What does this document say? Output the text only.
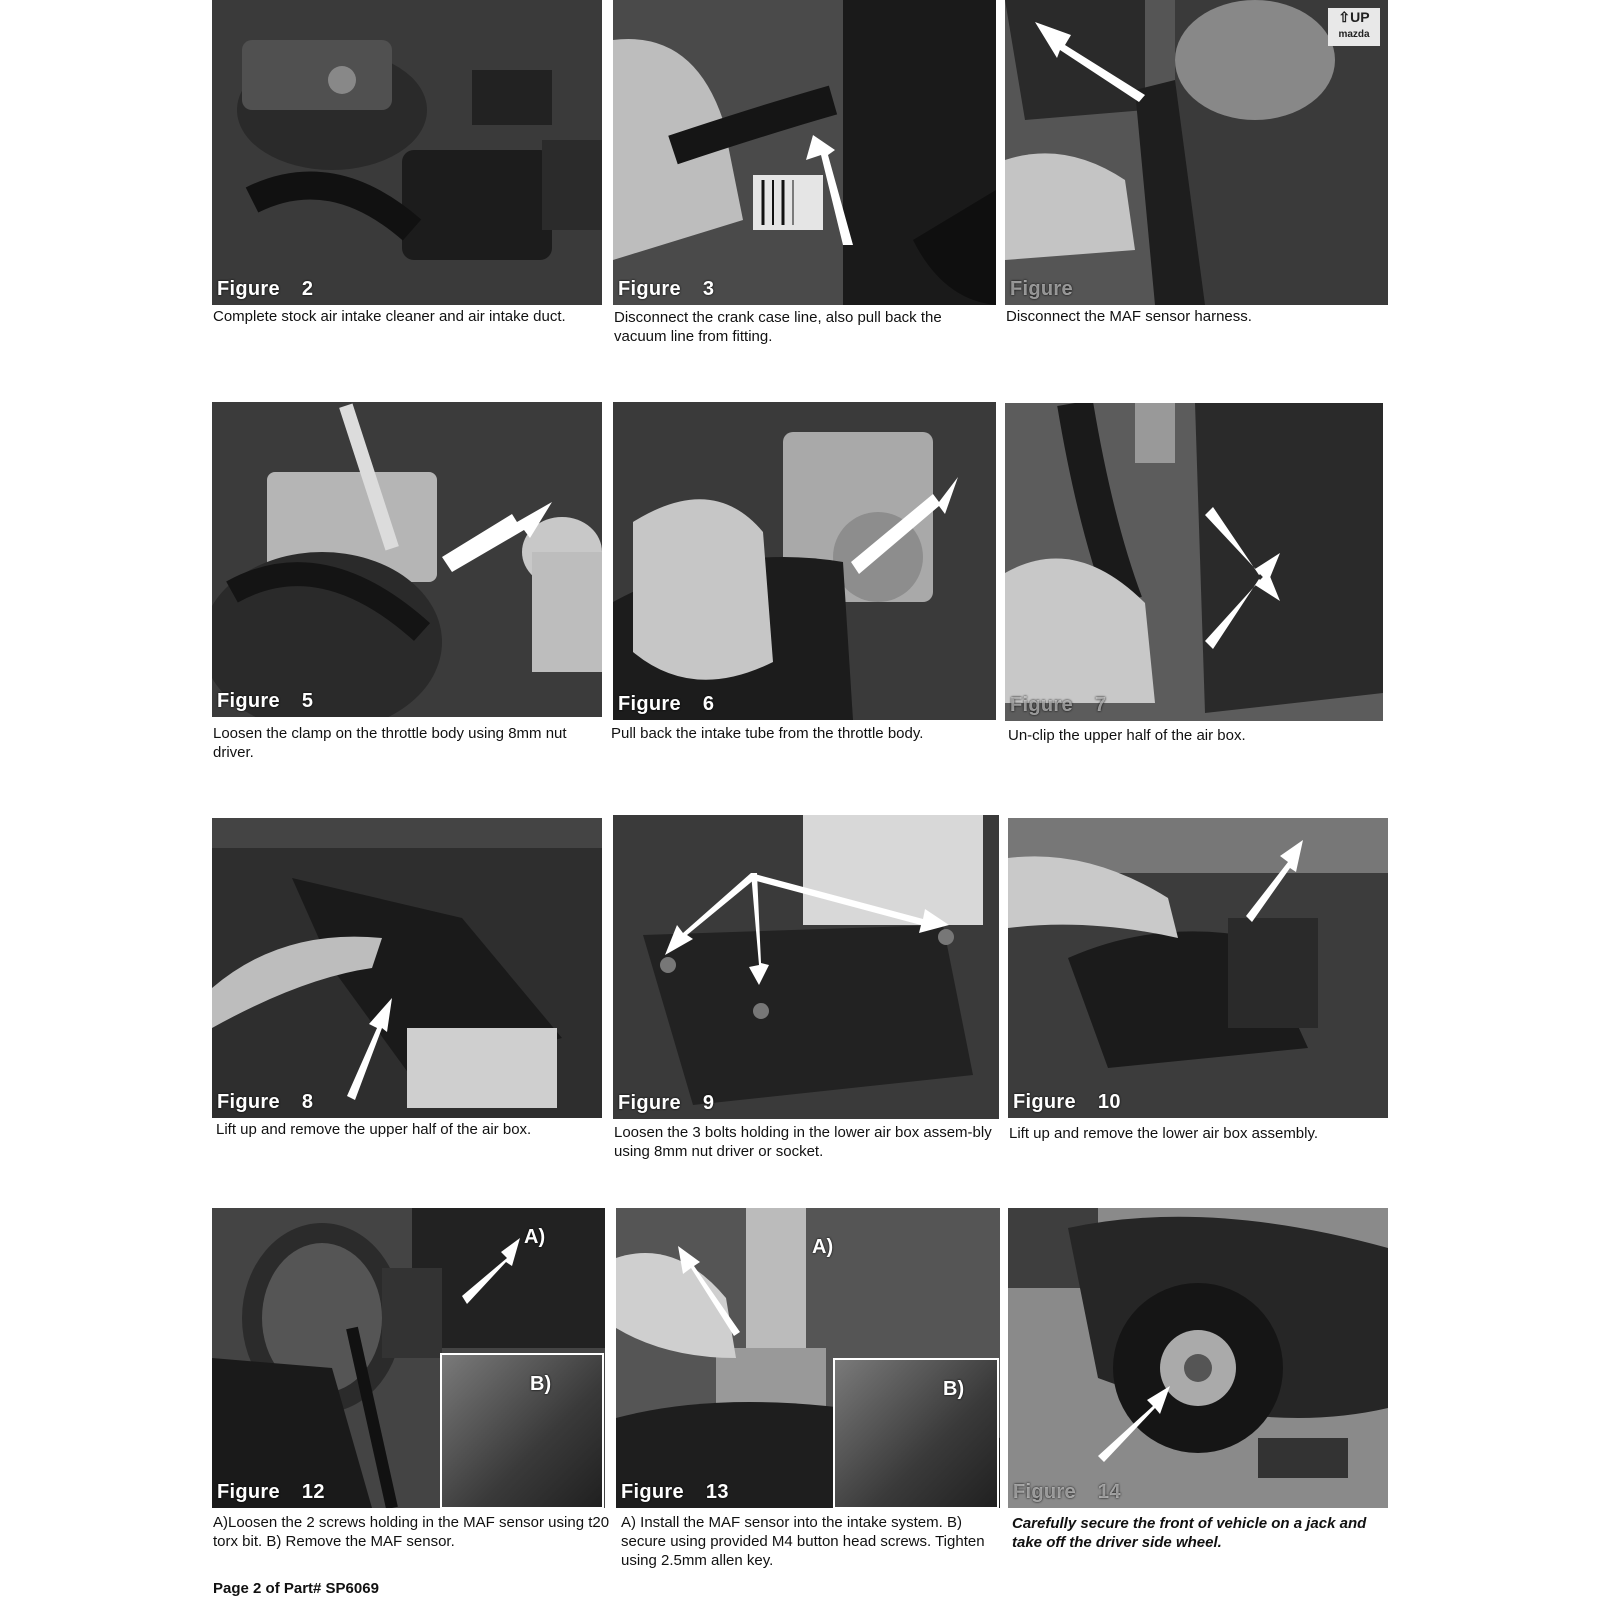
Figure 2
Complete stock air intake cleaner and air intake duct.
Figure 3
Disconnect the crank case line, also pull back the vacuum line from fitting.
⇧UP
mazda
Figure
Disconnect the MAF sensor harness.
Figure 5
Loosen the clamp on the throttle body using 8mm nut driver.
Figure 6
Pull back the intake tube from the throttle body.
Figure 7
Un-clip the upper half of the air box.
Figure 8
Lift up and remove the upper half of the air box.
Figure 9
Loosen the 3 bolts holding in the lower air box assem-bly using 8mm nut driver or socket.
Figure 10
Lift up and remove the lower air box assembly.
A)
B)
Figure 12
A)Loosen the 2 screws holding in the MAF sensor using t20 torx bit. B) Remove the MAF sensor.
A)
B)
Figure 13
A) Install the MAF sensor into the intake system. B) secure using provided M4 button head screws. Tighten using 2.5mm allen key.
Figure 14
Carefully secure the front of vehicle on a jack and take off the driver side wheel.
Page 2 of Part# SP6069
